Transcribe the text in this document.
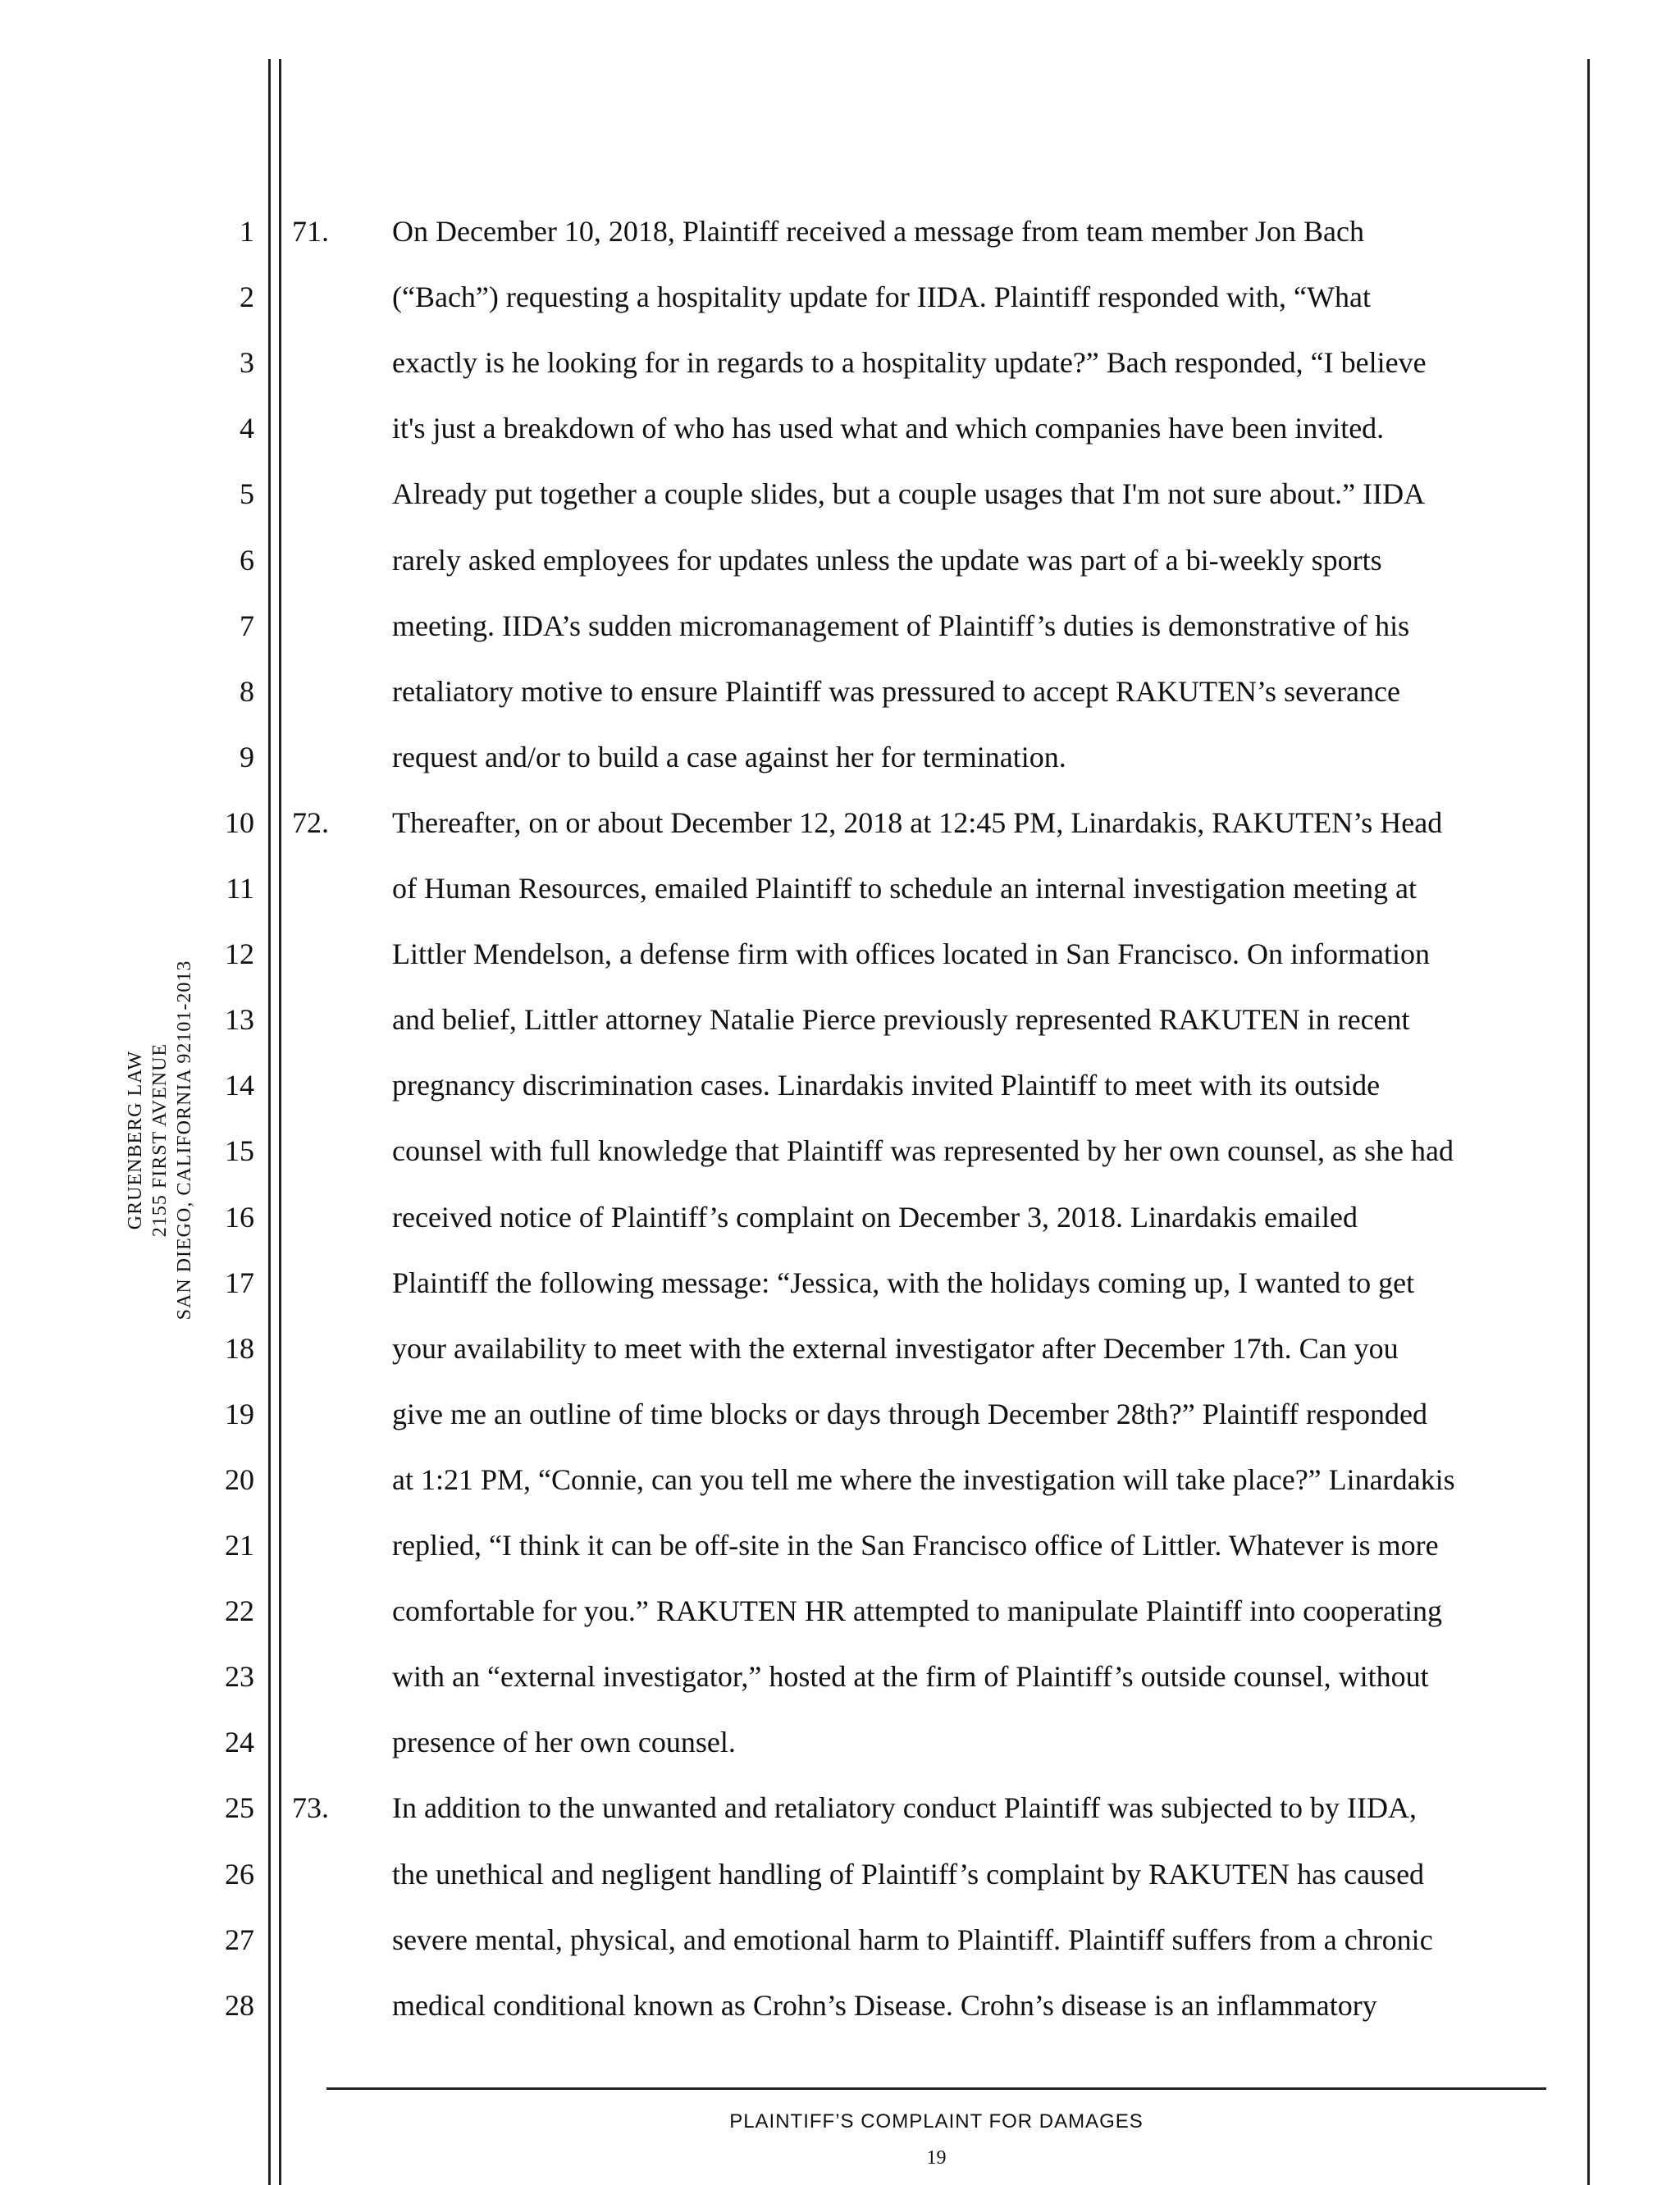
GRUENBERG LAW 2155 FIRST AVENUE SAN DIEGO, CALIFORNIA 92101-2013
1
2
3
4
5
6
7
8
9
10
11
12
13
14
15
16
17
18
19
20
21
22
23
24
25
26
27
28
71. On December 10, 2018, Plaintiff received a message from team member Jon Bach
(“Bach”) requesting a hospitality update for IIDA. Plaintiff responded with, “What
exactly is he looking for in regards to a hospitality update?” Bach responded, “I believe
it's just a breakdown of who has used what and which companies have been invited.
Already put together a couple slides, but a couple usages that I'm not sure about.” IIDA
rarely asked employees for updates unless the update was part of a bi-weekly sports
meeting. IIDA’s sudden micromanagement of Plaintiff’s duties is demonstrative of his
retaliatory motive to ensure Plaintiff was pressured to accept RAKUTEN’s severance
request and/or to build a case against her for termination.
72. Thereafter, on or about December 12, 2018 at 12:45 PM, Linardakis, RAKUTEN’s Head
of Human Resources, emailed Plaintiff to schedule an internal investigation meeting at
Littler Mendelson, a defense firm with offices located in San Francisco. On information
and belief, Littler attorney Natalie Pierce previously represented RAKUTEN in recent
pregnancy discrimination cases. Linardakis invited Plaintiff to meet with its outside
counsel with full knowledge that Plaintiff was represented by her own counsel, as she had
received notice of Plaintiff’s complaint on December 3, 2018. Linardakis emailed
Plaintiff the following message: “Jessica, with the holidays coming up, I wanted to get
your availability to meet with the external investigator after December 17th. Can you
give me an outline of time blocks or days through December 28th?” Plaintiff responded
at 1:21 PM, “Connie, can you tell me where the investigation will take place?” Linardakis
replied, “I think it can be off-site in the San Francisco office of Littler. Whatever is more
comfortable for you.” RAKUTEN HR attempted to manipulate Plaintiff into cooperating
with an “external investigator,” hosted at the firm of Plaintiff’s outside counsel, without
presence of her own counsel.
73. In addition to the unwanted and retaliatory conduct Plaintiff was subjected to by IIDA,
the unethical and negligent handling of Plaintiff’s complaint by RAKUTEN has caused
severe mental, physical, and emotional harm to Plaintiff. Plaintiff suffers from a chronic
medical conditional known as Crohn’s Disease. Crohn’s disease is an inflammatory
PLAINTIFF’S COMPLAINT FOR DAMAGES
19
